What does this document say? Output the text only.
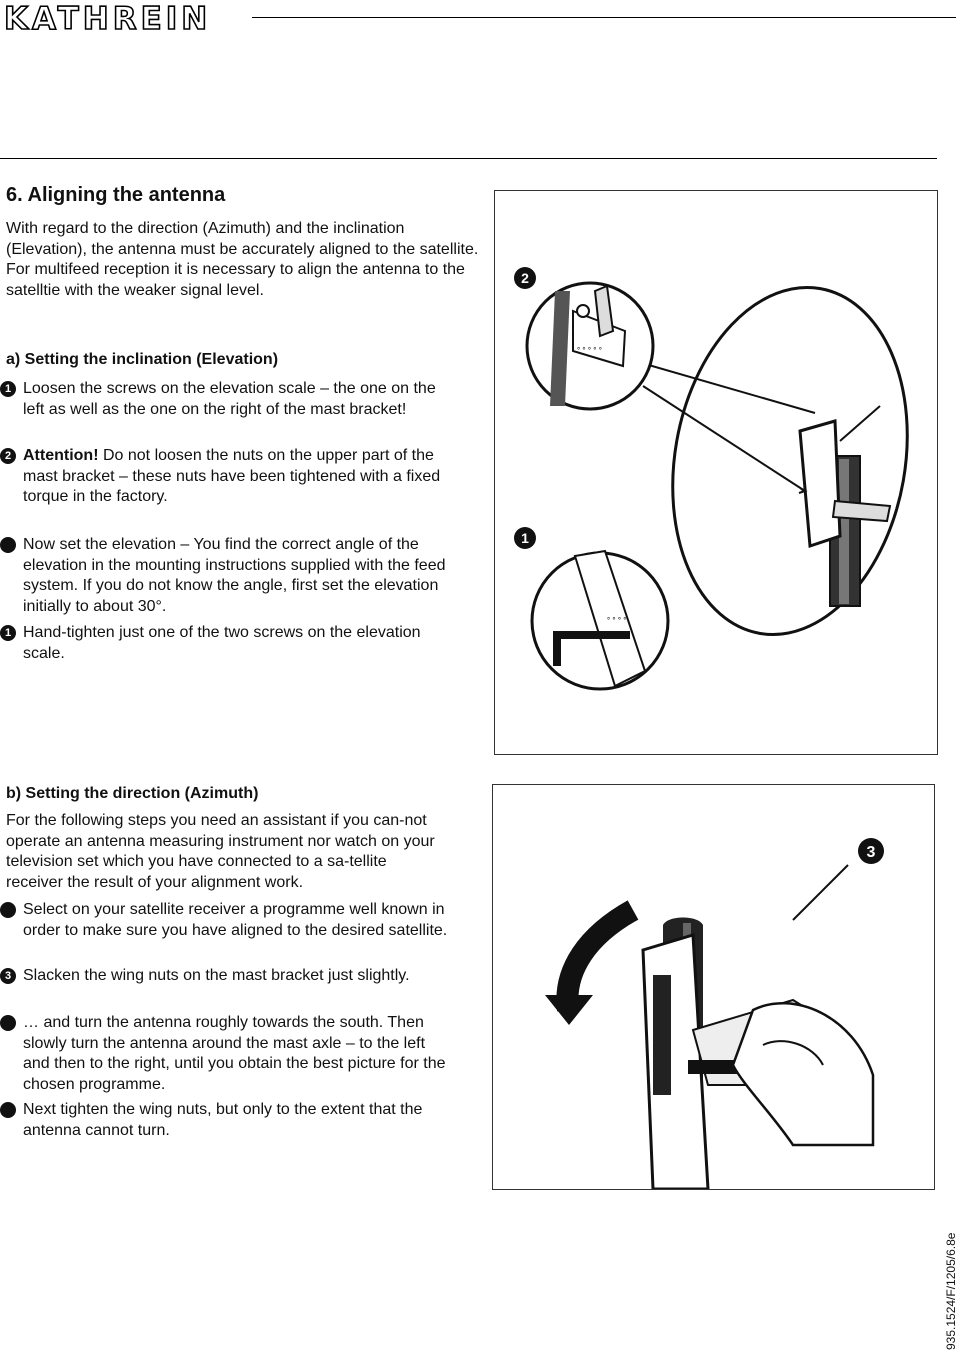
KATHREIN
6. Aligning the antenna
With regard to the direction (Azimuth) and the inclination (Elevation), the antenna must be accurately aligned to the satellite. For multifeed reception it is necessary to align the antenna to the satelltie with the weaker signal level.
a) Setting the inclination (Elevation)
1 Loosen the screws on the elevation scale – the one on the left as well as the one on the right of the mast bracket!
2 Attention! Do not loosen the nuts on the upper part of the mast bracket – these nuts have been tightened with a fixed torque in the factory.
Now set the elevation – You find the correct angle of the elevation in the mounting instructions supplied with the feed system. If you do not know the angle, first set the elevation initially to about 30°.
1 Hand-tighten just one of the two screws on the elevation scale.
b) Setting the direction (Azimuth)
For the following steps you need an assistant if you can-not operate an antenna measuring instrument nor watch on your television set which you have connected to a sa-tellite receiver the result of your alignment work.
Select on your satellite receiver a programme well known in order to make sure you have aligned to the desired satellite.
3 Slacken the wing nuts on the mast bracket just slightly.
… and turn the antenna roughly towards the south. Then slowly turn the antenna around the mast axle – to the left and then to the right, until you obtain the best picture for the chosen programme.
Next tighten the wing nuts, but only to the extent that the antenna cannot turn.
° ° ° ° °
° ° ° °
2
1
3
935.1524/F/1205/6.8e
